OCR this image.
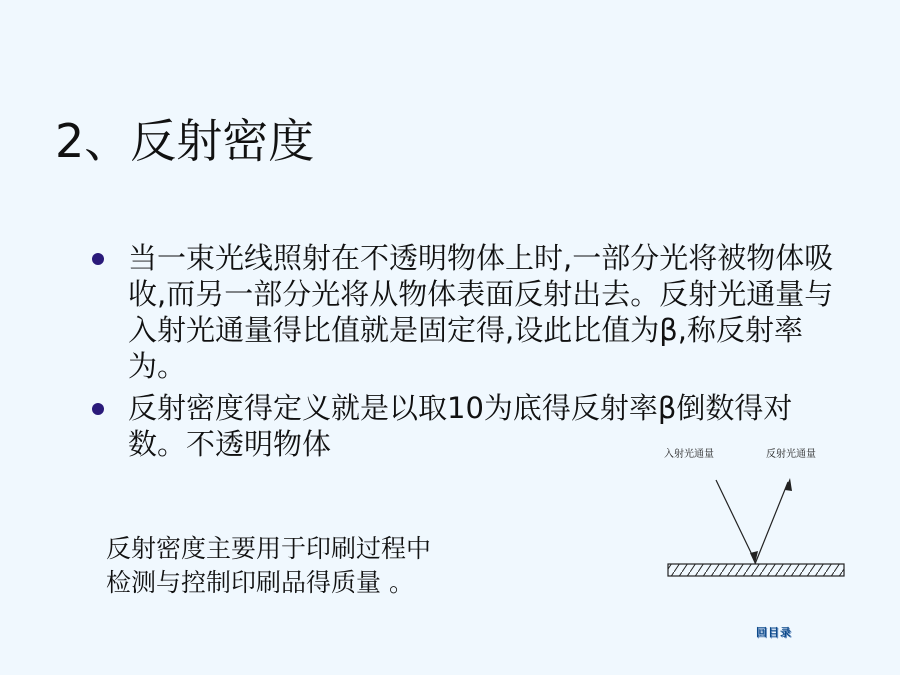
2、反射密度
当一束光线照射在不透明物体上时,一部分光将被物体吸收,而另一部分光将从物体表面反射出去。反射光通量与入射光通量得比值就是固定得,设此比值为β,称反射率为。
反射密度得定义就是以取10为底得反射率β倒数得对数。不透明物体
反射密度主要用于印刷过程中
检测与控制印刷品得质量 。
入射光通量	反射光通量
回目录
